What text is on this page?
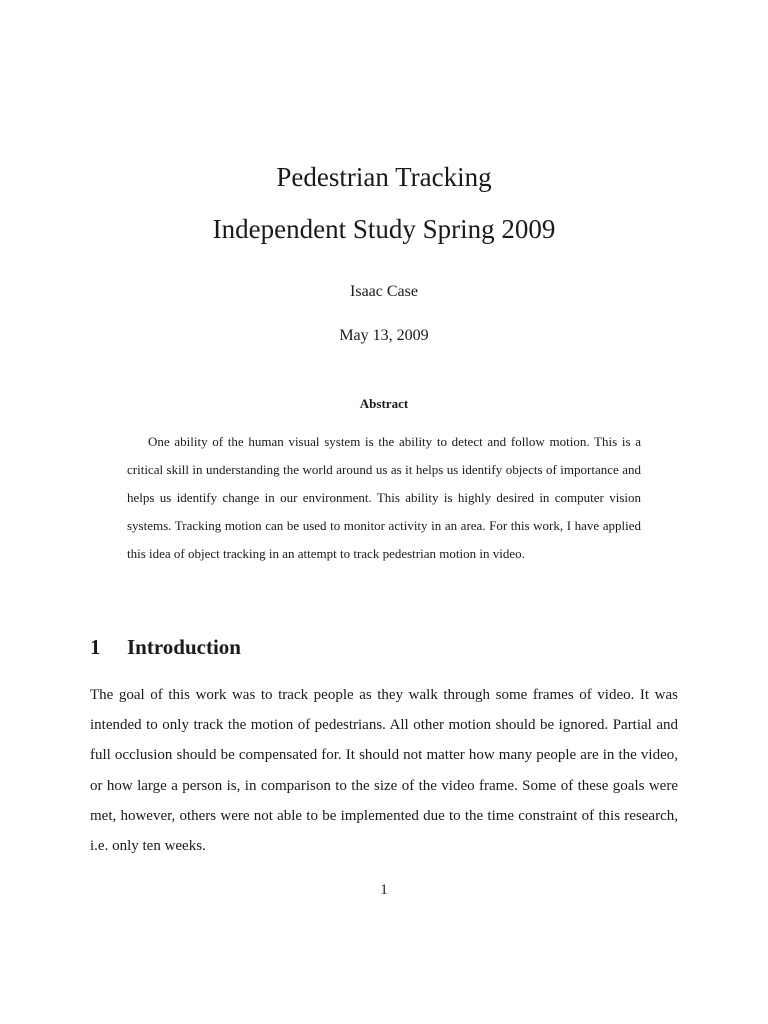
Pedestrian Tracking
Independent Study Spring 2009
Isaac Case
May 13, 2009
Abstract

One ability of the human visual system is the ability to detect and follow motion. This is a critical skill in understanding the world around us as it helps us identify objects of importance and helps us identify change in our environment. This ability is highly desired in computer vision systems. Tracking motion can be used to monitor activity in an area. For this work, I have applied this idea of object tracking in an attempt to track pedestrian motion in video.

1 Introduction

The goal of this work was to track people as they walk through some frames of video. It was intended to only track the motion of pedestrians. All other motion should be ignored. Partial and full occlusion should be compensated for. It should not matter how many people are in the video, or how large a person is, in comparison to the size of the video frame. Some of these goals were met, however, others were not able to be implemented due to the time constraint of this research, i.e. only ten weeks.

1
